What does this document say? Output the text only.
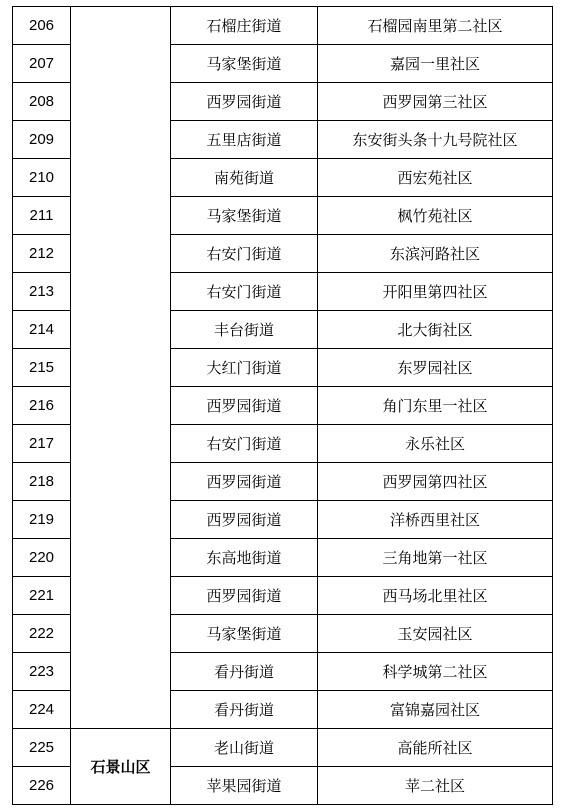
206		石榴庄街道	石榴园南里第二社区
207		马家堡街道	嘉园一里社区
208		西罗园街道	西罗园第三社区
209		五里店街道	东安街头条十九号院社区
210		南苑街道	西宏苑社区
211		马家堡街道	枫竹苑社区
212		右安门街道	东滨河路社区
213		右安门街道	开阳里第四社区
214		丰台街道	北大街社区
215		大红门街道	东罗园社区
216		西罗园街道	角门东里一社区
217		右安门街道	永乐社区
218		西罗园街道	西罗园第四社区
219		西罗园街道	洋桥西里社区
220		东高地街道	三角地第一社区
221		西罗园街道	西马场北里社区
222		马家堡街道	玉安园社区
223		看丹街道	科学城第二社区
224		看丹街道	富锦嘉园社区
225	石景山区	老山街道	高能所社区
226		苹果园街道	苹二社区
